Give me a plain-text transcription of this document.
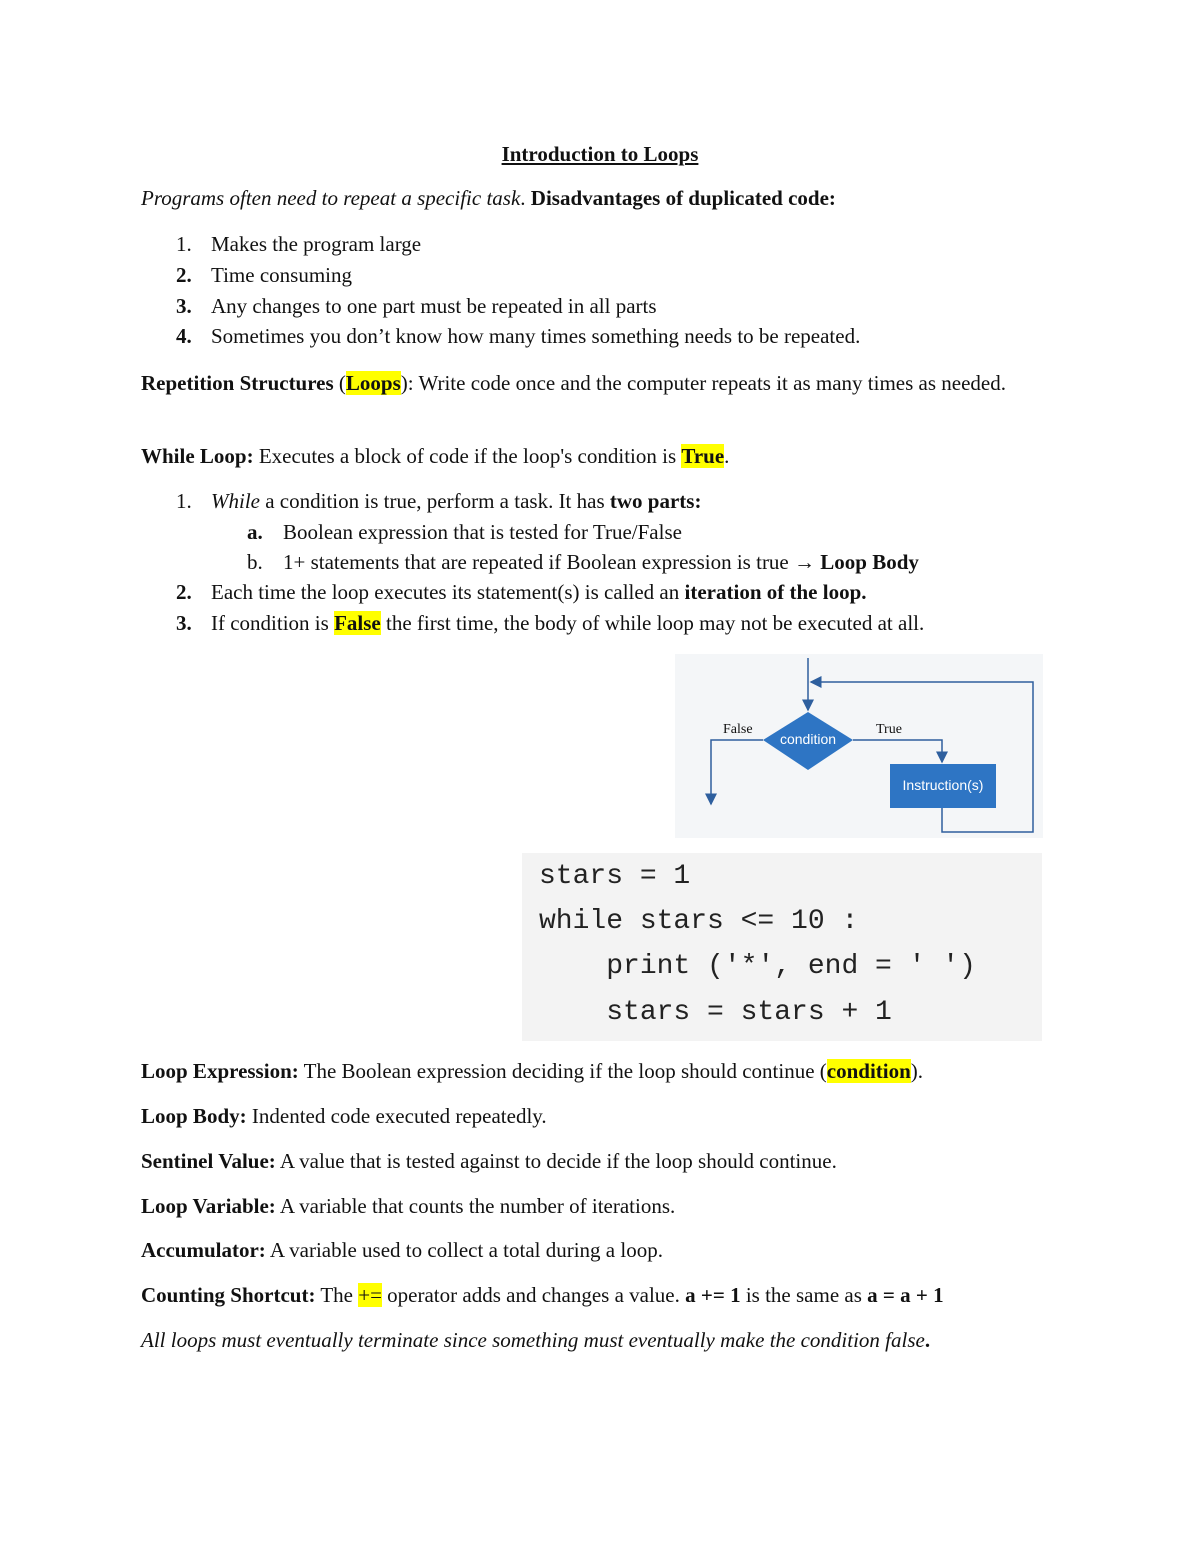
Introduction to Loops
Programs often need to repeat a specific task. Disadvantages of duplicated code:
1. Makes the program large
2. Time consuming
3. Any changes to one part must be repeated in all parts
4. Sometimes you don’t know how many times something needs to be repeated.
Repetition Structures (Loops): Write code once and the computer repeats it as many times as needed.
While Loop: Executes a block of code if the loop's condition is True.
1. While a condition is true, perform a task. It has two parts:
a. Boolean expression that is tested for True/False
b. 1+ statements that are repeated if Boolean expression is true → Loop Body
2. Each time the loop executes its statement(s) is called an iteration of the loop.
3. If condition is False the first time, the body of while loop may not be executed at all.
False	True
condition
Instruction(s)
stars = 1
while stars <= 10 :
print ('*', end = ' ')
stars = stars + 1
Loop Expression: The Boolean expression deciding if the loop should continue (condition).
Loop Body: Indented code executed repeatedly.
Sentinel Value: A value that is tested against to decide if the loop should continue.
Loop Variable: A variable that counts the number of iterations.
Accumulator: A variable used to collect a total during a loop.
Counting Shortcut: The += operator adds and changes a value. a += 1 is the same as a = a + 1
All loops must eventually terminate since something must eventually make the condition false.
